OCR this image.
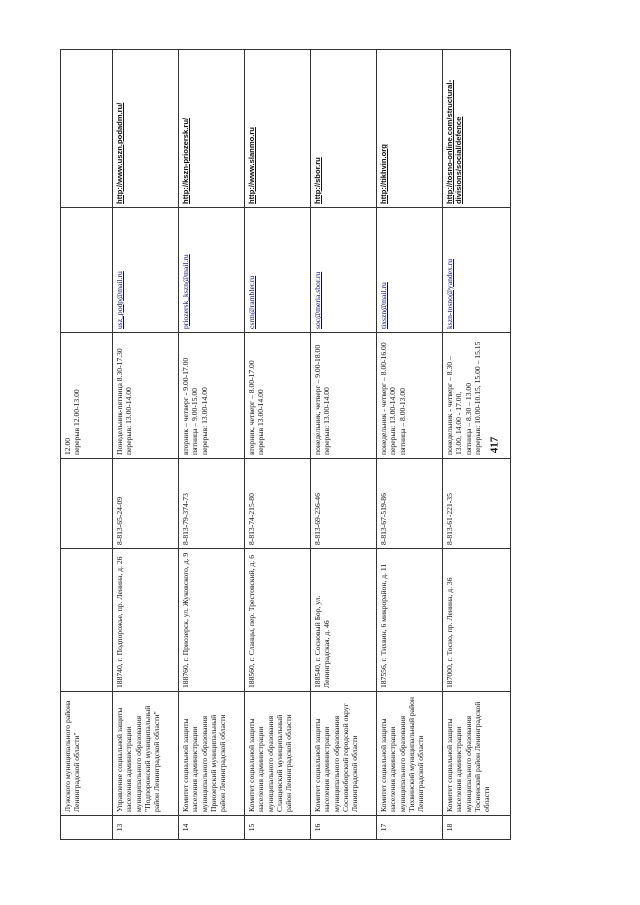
417
	Лужского муниципального района Ленинградской области"			12.00
перерыв 12.00-13.00		
13	Управление социальной защиты населения администрации муниципального образования "Подпорожский муниципальный район Ленинградской области"	188740, г. Подпорожье, пр. Ленина, д. 26	8-813-65-24-09	Понедельник-пятница 8.30-17.30
перерыв: 13.00-14.00	usz_podp@mail.ru	http://www.uszn.podadm.ru/
14	Комитет социальной защиты населения администрации муниципального образования Приозерский муниципальный район Ленинградской области	188760, г. Приозерск, ул. Жуковского, д. 9	8-813-79-374-73	вторник – четверг - 9.00-17.00
пятница – 9.00-15.00
перерыв: 13.00-14.00	priozersk_kszn@mail.ru	http://kszn-priozersk.ru/
15	Комитет социальной защиты населения администрации муниципального образования Сланцевский муниципальный район Ленинградской области	188560, г. Сланцы, пер. Трестовский, д. 6	8-813-74-215-80	вторник, четверг – 8.00-17.00
перерыв 13.00-14.00	csrm@rambler.ru	http://www.slanmo.ru
16	Комитет социальной защиты населения администрации муниципального образования Сосновоборский городской округ Ленинградской области	188540, г. Сосновый Бор, ул. Ленинградская, д. 46	8-813-69-236-46	понедельник, четверг – 9.00-18.00
перерыв: 13.00-14.00	soc@meria.sbor.ru	http://sbor.ru
17	Комитет социальной защиты населения администрации муниципального образования Тихвинский муниципальный район Ленинградской области	187556, г. Тихвин, 6 микрорайон, д. 11	8-813-67-519-86	понедельник - четверг – 8.00-16.00
перерыв: 13.00-14.00
пятница – 8.00-13.00	tixszn@mail.ru	http://tikhvin.org
18	Комитет социальной защиты населения администрации муниципального образования Тосненский район Ленинградской области	187000, г. Тосно, пр. Ленина, д. 36	8-813-61-221-35	понедельник - четверг – 8.30 – 13.00, 14.00 - 17.00,
пятница – 8.30 – 13.00
перерыв: 10.00-10.15, 15.00 – 15.15	kszn-tosno@yandex.ru	http://tosno-online.com/structural-divisions/social/defence
